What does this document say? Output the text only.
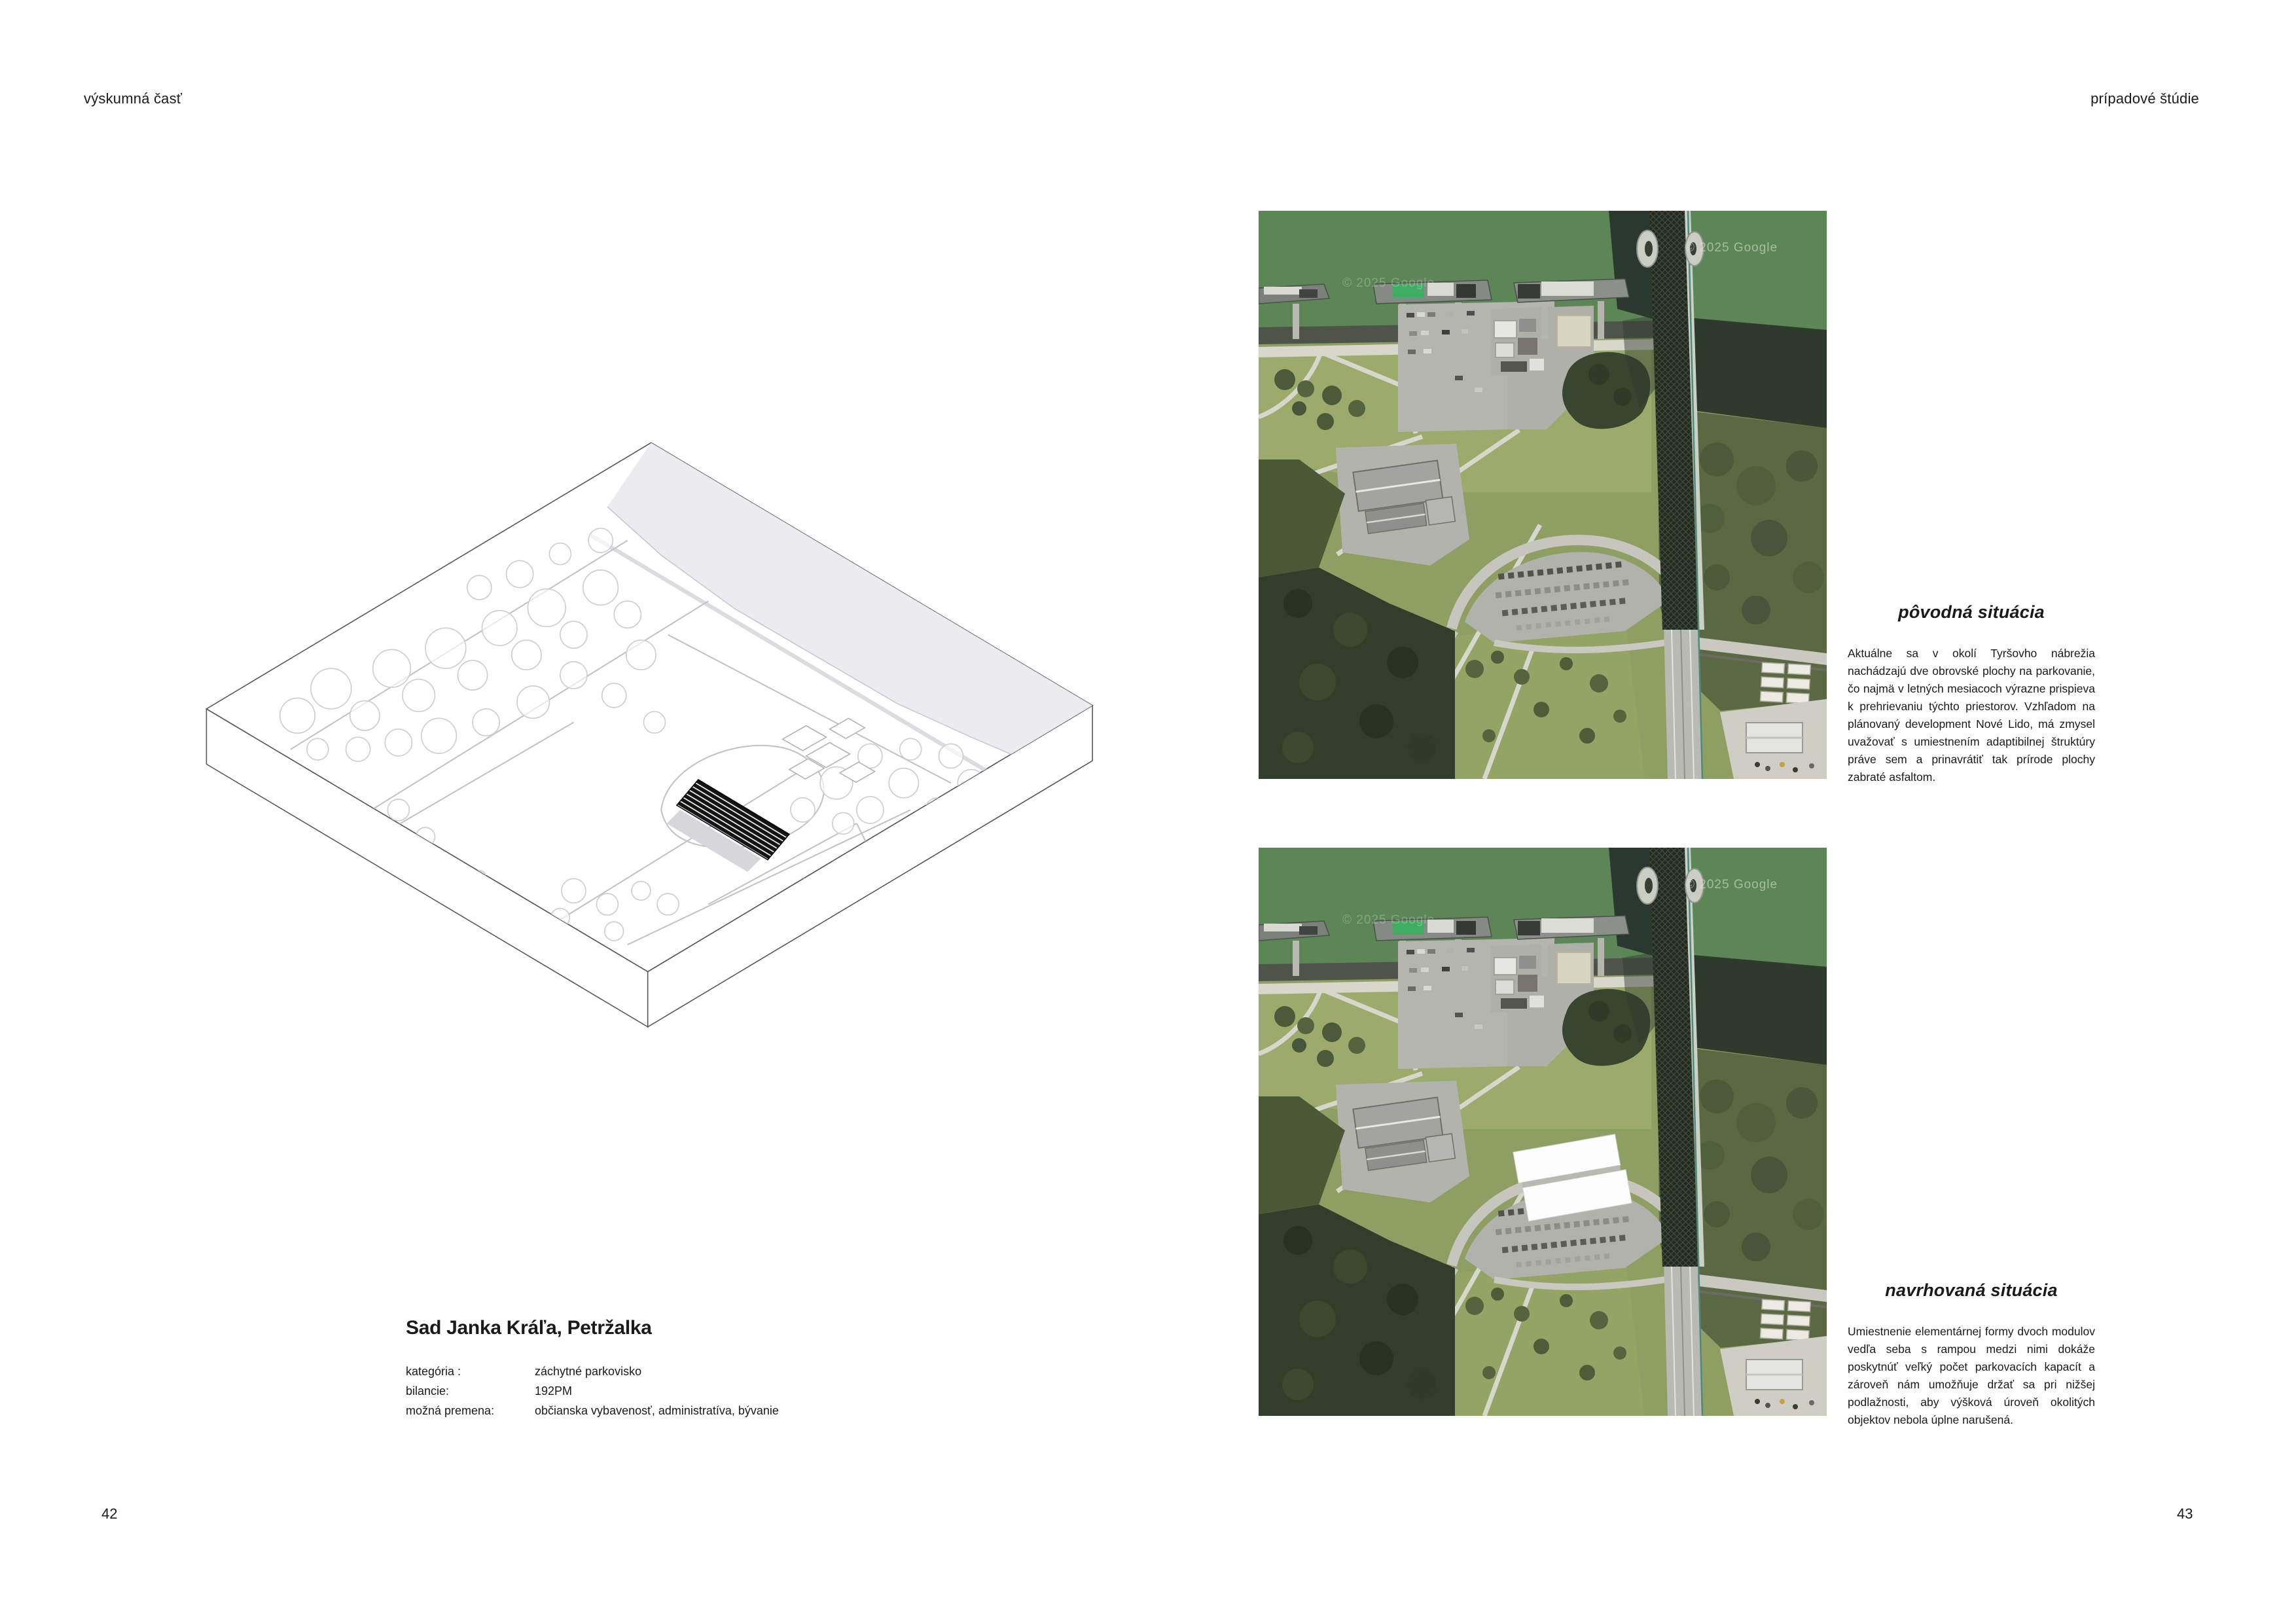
výskumná časť	prípadové štúdie
Sad Janka Kráľa, Petržalka
kategória :	záchytné parkovisko
bilancie:	192PM
možná premena:	občianska vybavenosť, administratíva, bývanie
© 2025 Google
© 2025 Google
© 2025 Google
© 2025 Google
pôvodná situácia

Aktuálne sa v okolí Tyršovho nábrežia nachádzajú dve obrovské plochy na parkovanie, čo najmä v letných mesiacoch výrazne prispieva k prehrievaniu týchto priestorov. Vzhľadom na plánovaný development Nové Lido, má zmysel uvažovať s umiestnením adaptibilnej štruktúry práve sem a prinavrátiť tak prírode plochy zabraté asfaltom.

navrhovaná situácia

Umiestnenie elementárnej formy dvoch modulov vedľa seba s rampou medzi nimi dokáže poskytnúť veľký počet parkovacích kapacít a zároveň nám umožňuje držať sa pri nižšej podlažnosti, aby výšková úroveň okolitých objektov nebola úplne narušená.

42	43
